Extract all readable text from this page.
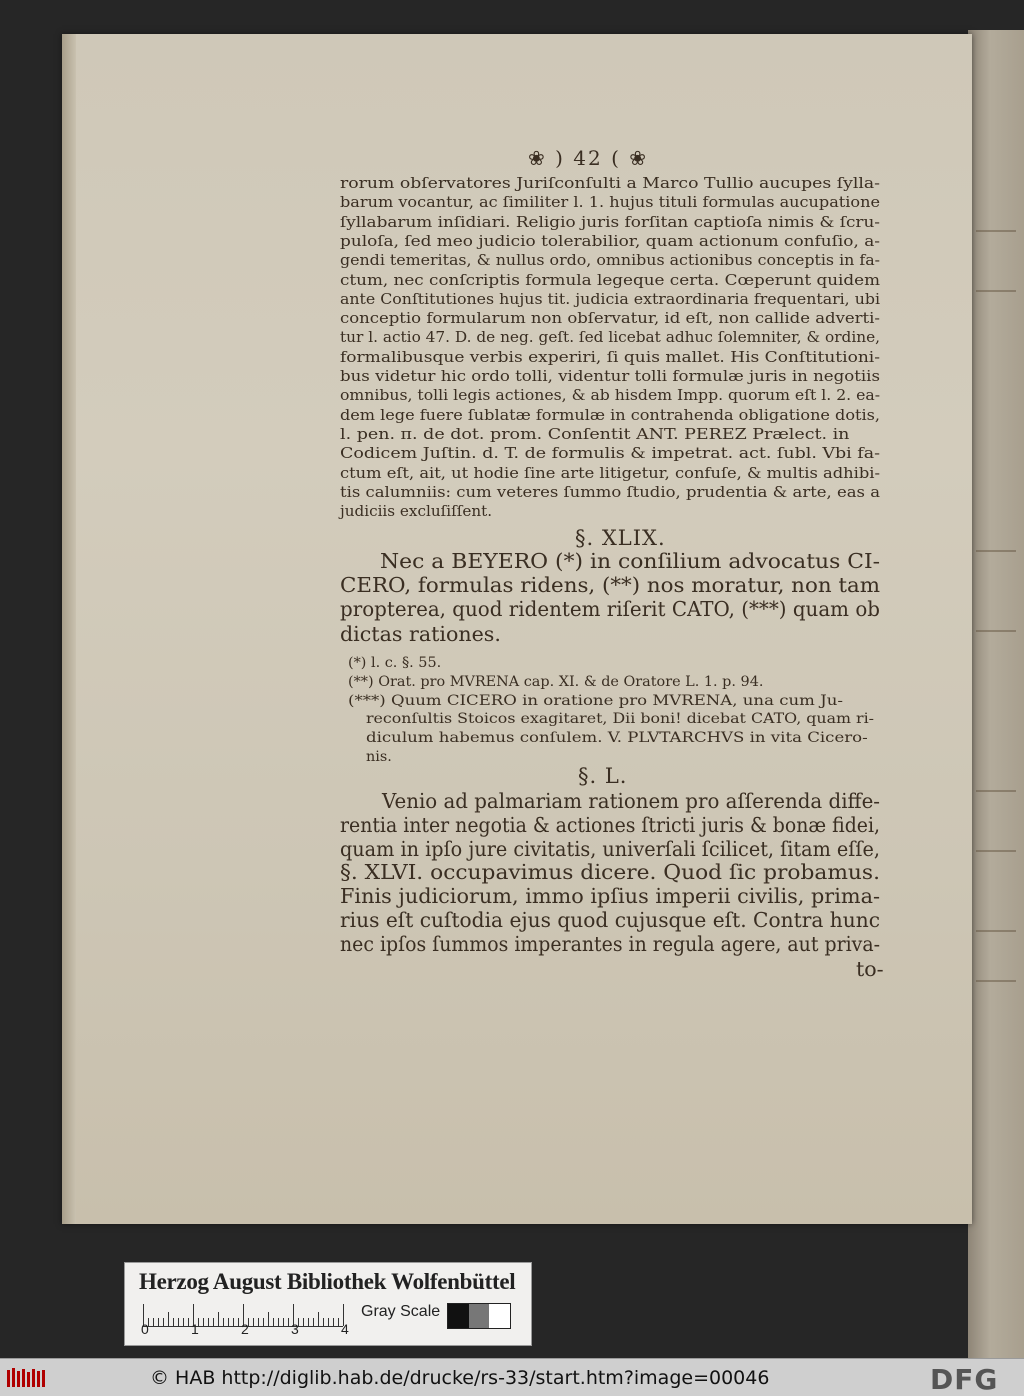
❀ ) 42 ( ❀
rorum obſervatores Juriſconſulti a Marco Tullio aucupes ſylla-
barum vocantur, ac ſimiliter l. 1. hujus tituli formulas aucupatione
ſyllabarum inſidiari. Religio juris forſitan captioſa nimis & ſcru-
puloſa, ſed meo judicio tolerabilior, quam actionum confuſio, a-
gendi temeritas, & nullus ordo, omnibus actionibus conceptis in fa-
ctum, nec conſcriptis formula legeque certa. Cœperunt quidem
ante Conſtitutiones hujus tit. judicia extraordinaria frequentari, ubi
conceptio formularum non obſervatur, id eſt, non callide adverti-
tur l. actio 47. D. de neg. geſt. ſed licebat adhuc ſolemniter, & ordine,
formalibusque verbis experiri, ſi quis mallet. His Conſtitutioni-
bus videtur hic ordo tolli, videntur tolli formulæ juris in negotiis
omnibus, tolli legis actiones, & ab hisdem Impp. quorum eſt l. 2. ea-
dem lege fuere ſublatæ formulæ in contrahenda obligatione dotis,
l. pen. π. de dot. prom. Conſentit ANT. PEREZ Prælect. in
Codicem Juſtin. d. T. de formulis & impetrat. act. ſubl. Vbi fa-
ctum eſt, ait, ut hodie ſine arte litigetur, confuſe, & multis adhibi-
tis calumniis: cum veteres ſummo ſtudio, prudentia & arte, eas a
judiciis excluſiſſent.
§. XLIX.
Nec a BEYERO (*) in conſilium advocatus CI-
CERO, formulas ridens, (**) nos moratur, non tam
propterea, quod ridentem riſerit CATO, (***) quam ob
dictas rationes.
(*) l. c. §. 55.
(**) Orat. pro MVRENA cap. XI. & de Oratore L. 1. p. 94.
(***) Quum CICERO in oratione pro MVRENA, una cum Ju-
reconſultis Stoicos exagitaret, Dii boni! dicebat CATO, quam ri-
diculum habemus conſulem. V. PLVTARCHVS in vita Cicero-
nis.
§. L.
Venio ad palmariam rationem pro aſſerenda diffe-
rentia inter negotia & actiones ſtricti juris & bonæ fidei,
quam in ipſo jure civitatis, univerſali ſcilicet, ſitam eſſe,
§. XLVI. occupavimus dicere. Quod ſic probamus.
Finis judiciorum, immo ipſius imperii civilis, prima-
rius eſt cuſtodia ejus quod cujusque eſt. Contra hunc
nec ipſos ſummos imperantes in regula agere, aut priva-
to-
Herzog August Bibliothek Wolfenbüttel
0	1	2	3	4
Gray Scale
© HAB http://diglib.hab.de/drucke/rs-33/start.htm?image=00046	DFG
